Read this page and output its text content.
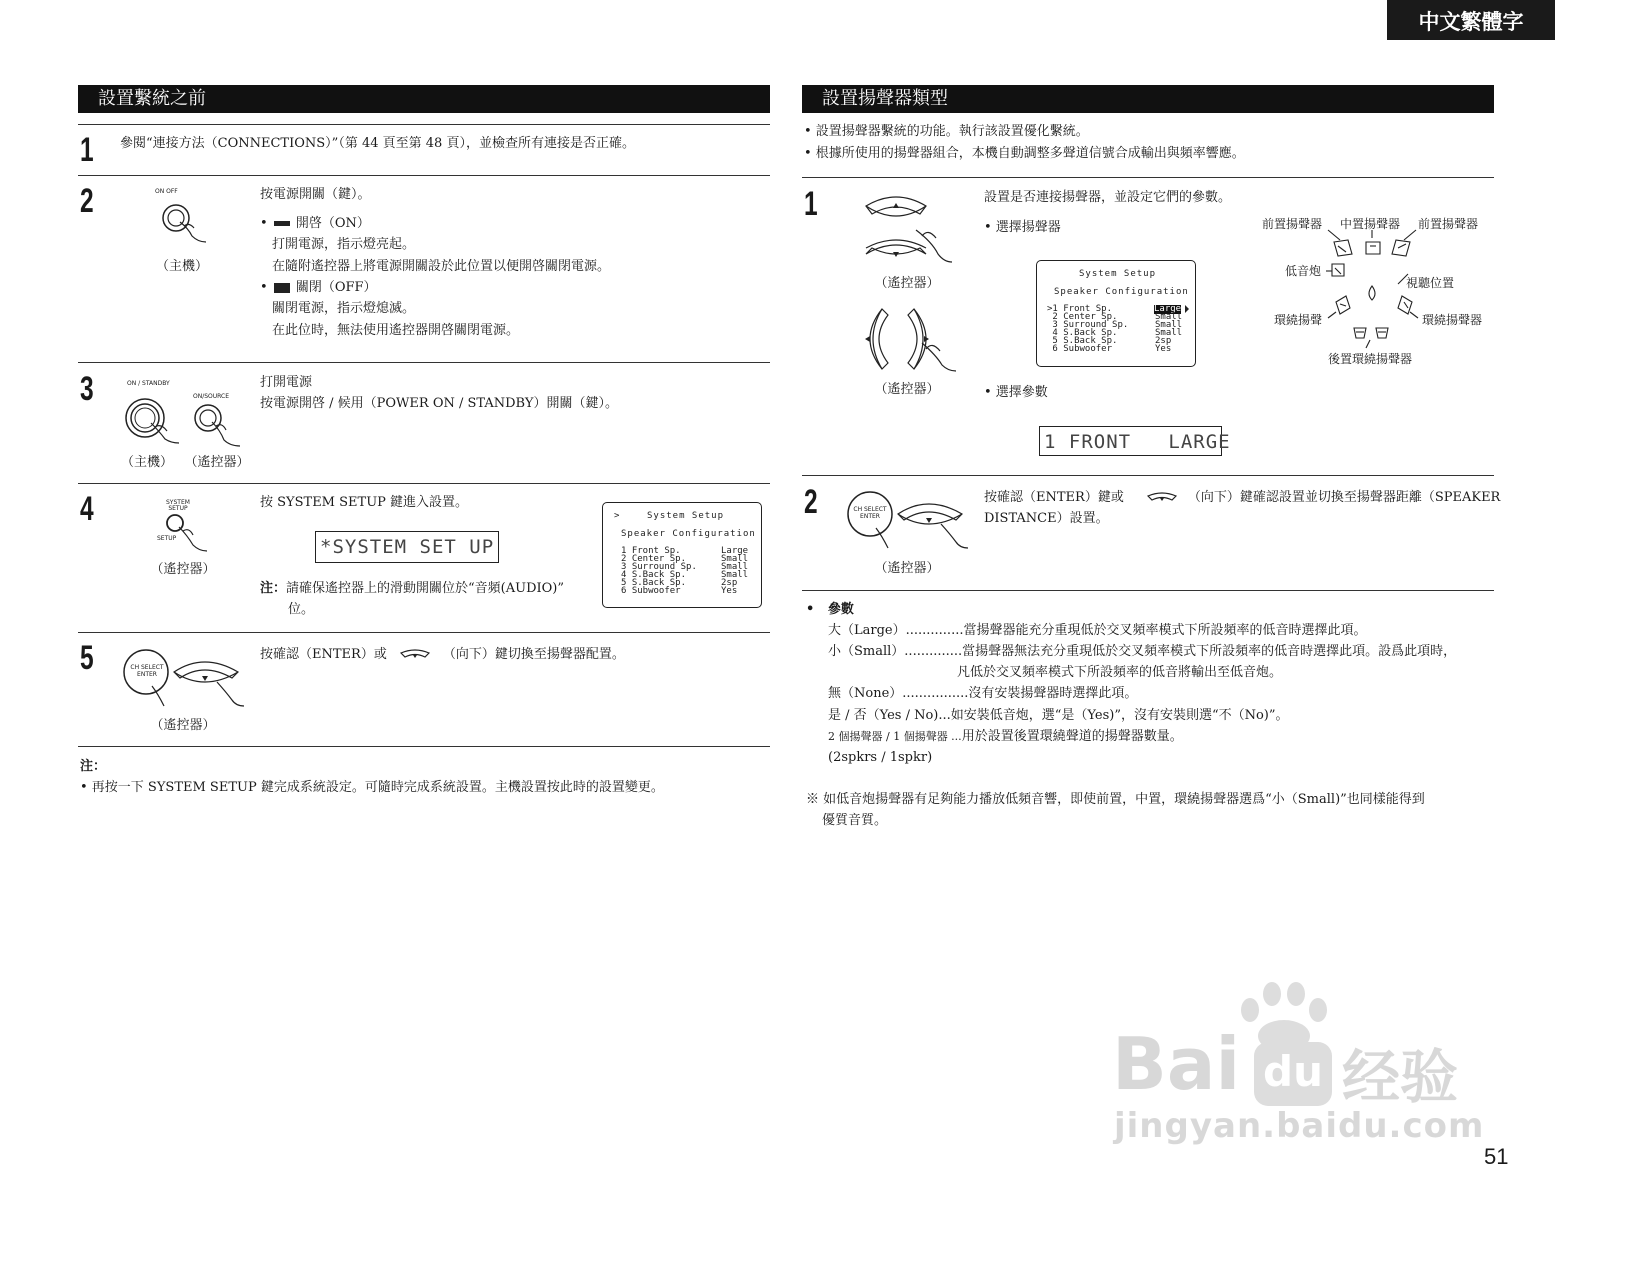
中文繁體字
設置繫統之前
1 參閱“連接方法（CONNECTIONS）”（第 44 頁至第 48 頁），並檢查所有連接是否正確。
2	ON OFF
（主機）
按電源開關（鍵）。
• 開啓（ON）
打開電源，指示燈亮起。
在隨附遙控器上將電源開關設於此位置以便開啓關閉電源。
• 關閉（OFF）
關閉電源，指示燈熄滅。
在此位時，無法使用遙控器開啓關閉電源。
3	ON / STANDBY
ON/SOURCE
（主機） （遙控器）
打開電源
按電源開啓 / 候用（POWER ON / STANDBY）開關（鍵）。
4	SYSTEM
SETUP
SETUP
（遙控器）
按 SYSTEM SETUP 鍵進入設置。
*SYSTEM SET UP
注：請確保遙控器上的滑動開關位於“音頻(AUDIO)”
位。
>	System Setup
Speaker Configuration
1 Front Sp.	Large
2 Center Sp.	Small
3 Surround Sp.	Small
4 S.Back Sp.	Small
5 S.Back Sp.	2sp
6 Subwoofer	Yes
5	CH SELECT ENTER
（遙控器）
按確認（ENTER）或	（向下）鍵切換至揚聲器配置。
注：
• 再按一下 SYSTEM SETUP 鍵完成系統設定。可隨時完成系統設置。主機設置按此時的設置變更。
設置揚聲器類型
• 設置揚聲器繫統的功能。執行該設置優化繫統。
• 根據所使用的揚聲器組合，本機自動調整多聲道信號合成輸出與頻率響應。
1
（遙控器）
（遙控器）
設置是否連接揚聲器，並設定它們的參數。
• 選擇揚聲器
• 選擇參數
System Setup
Speaker Configuration
>1 Front Sp.	Large
2 Center Sp.	Small
3 Surround Sp.	Small
4 S.Back Sp.	Small
5 S.Back Sp.	2sp
6 Subwoofer	Yes
1 FRONT   LARGE
前置揚聲器 中置揚聲器 前置揚聲器
低音炮
視聽位置
環繞揚聲	環繞揚聲器
後置環繞揚聲器
2	CH SELECT ENTER
（遙控器）
按確認（ENTER）鍵或	（向下）鍵確認設置並切換至揚聲器距離（SPEAKER
DISTANCE）設置。
•   參數
大（Large）..............當揚聲器能充分重現低於交叉頻率模式下所設頻率的低音時選擇此項。
小（Small）..............當揚聲器無法充分重現低於交叉頻率模式下所設頻率的低音時選擇此項。設爲此項時，
凡低於交叉頻率模式下所設頻率的低音將輸出至低音炮。
無（None）................沒有安裝揚聲器時選擇此項。
是 / 否（Yes / No)...如安裝低音炮，選“是（Yes)”，沒有安裝則選“不（No)”。
2 個揚聲器 / 1 個揚聲器 ...用於設置後置環繞聲道的揚聲器數量。
(2spkrs / 1spkr)
※ 如低音炮揚聲器有足夠能力播放低頻音響，即使前置，中置，環繞揚聲器選爲“小（Small)”也同樣能得到
優質音質。
Bai du 经验
jingyan.baidu.com
51
